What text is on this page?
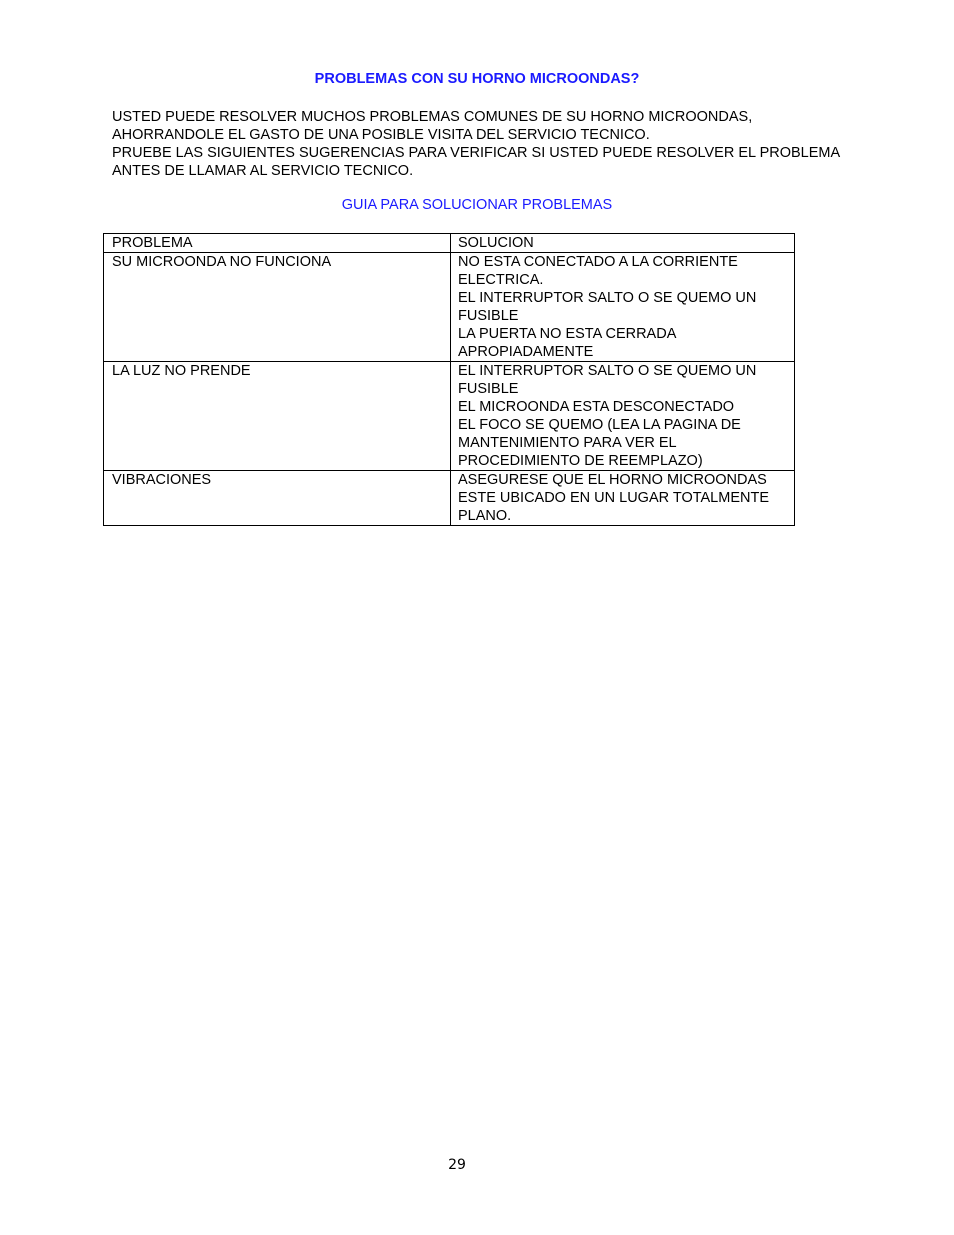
PROBLEMAS CON SU HORNO MICROONDAS?

USTED PUEDE RESOLVER MUCHOS PROBLEMAS COMUNES DE SU HORNO MICROONDAS, AHORRANDOLE EL GASTO DE UNA POSIBLE VISITA DEL SERVICIO TECNICO.

PRUEBE LAS SIGUIENTES SUGERENCIAS PARA VERIFICAR SI USTED PUEDE RESOLVER EL PROBLEMA ANTES DE LLAMAR AL SERVICIO TECNICO.

GUIA PARA SOLUCIONAR PROBLEMAS
PROBLEMA	SOLUCION
SU MICROONDA NO FUNCIONA	NO ESTA CONECTADO A LA CORRIENTE ELECTRICA.
EL INTERRUPTOR SALTO O SE QUEMO UN FUSIBLE
LA PUERTA NO ESTA CERRADA APROPIADAMENTE

LA LUZ NO PRENDE	EL INTERRUPTOR SALTO O SE QUEMO UN FUSIBLE
EL MICROONDA ESTA DESCONECTADO
EL FOCO SE QUEMO (LEA LA PAGINA DE MANTENIMIENTO PARA VER EL PROCEDIMIENTO DE REEMPLAZO)

VIBRACIONES	ASEGURESE QUE EL HORNO MICROONDAS ESTE UBICADO EN UN LUGAR TOTALMENTE PLANO.
29
